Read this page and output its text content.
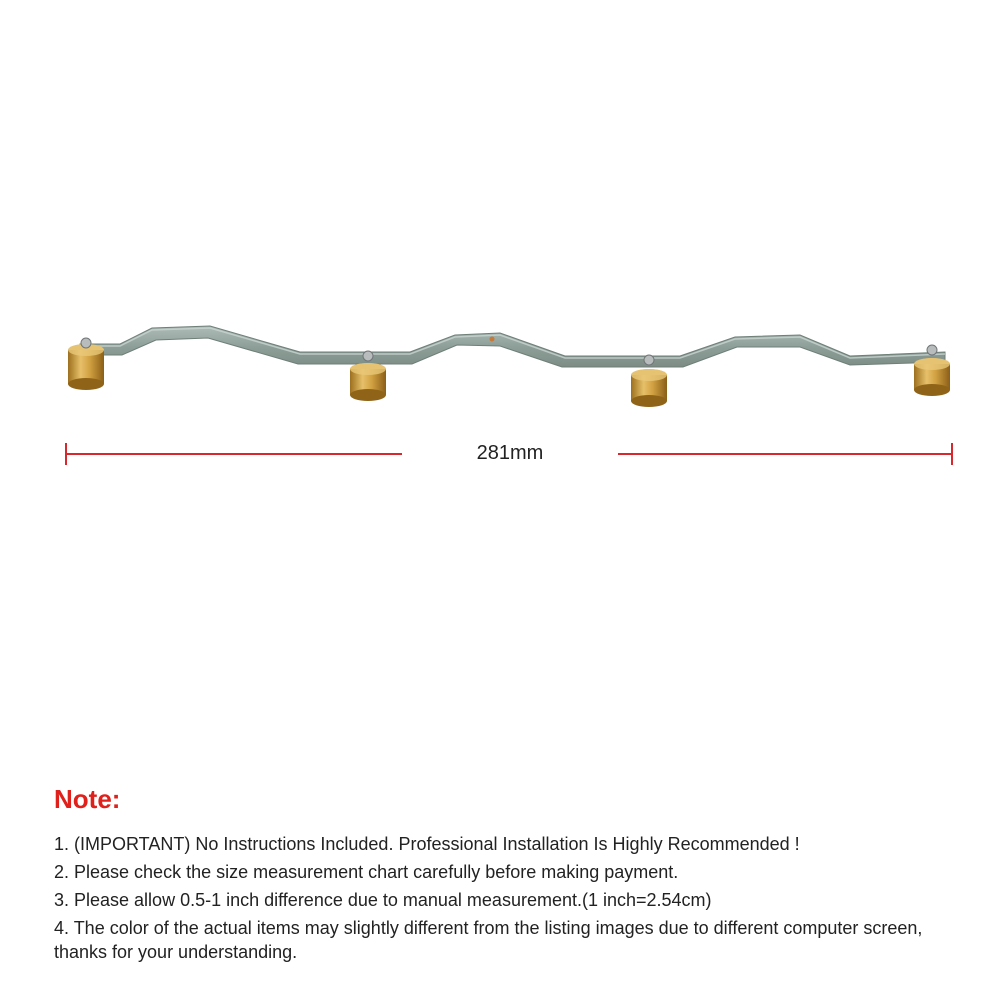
281mm
Note:
1. (IMPORTANT) No Instructions Included. Professional Installation Is Highly Recommended !
2. Please check the size measurement chart carefully before making payment.
3. Please allow 0.5-1 inch difference due to manual measurement.(1 inch=2.54cm)
4. The color of the actual items may slightly different from the listing images due to different computer screen, thanks for your understanding.
